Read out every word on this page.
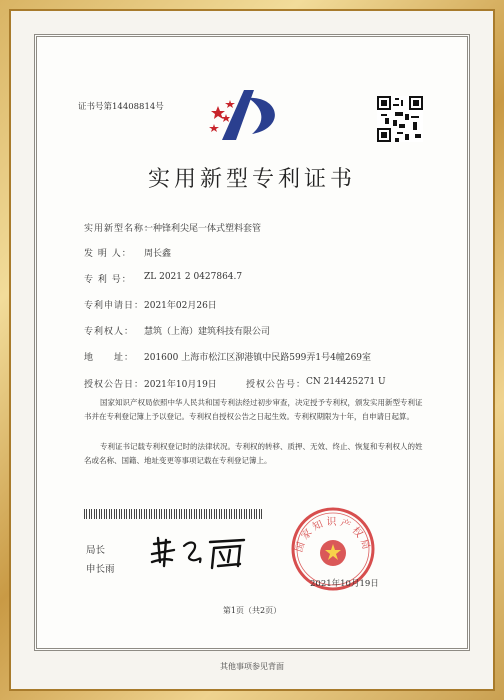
证书号第14408814号
实用新型专利证书
实用新型名称：
一种锋利尖尾一体式塑料套管
发 明 人： 周长鑫
专 利 号： ZL 2021 2 0427864.7
专利申请日： 2021年02月26日
专利权人： 慧筑（上海）建筑科技有限公司
地　　址： 201600 上海市松江区泖港镇中民路599弄1号4幢269室
授权公告日： 2021年10月19日	授权公告号： CN 214425271 U
国家知识产权局依照中华人民共和国专利法经过初步审查，决定授予专利权，颁发实用新型专利证书并在专利登记簿上予以登记。专利权自授权公告之日起生效。专利权期限为十年，自申请日起算。
专利证书记载专利权登记时的法律状况。专利权的转移、质押、无效、终止、恢复和专利权人的姓名或名称、国籍、地址变更等事项记载在专利登记簿上。
局长
申长雨
国家知识产权局
2021年10月19日
第1页（共2页）
其他事项参见背面
